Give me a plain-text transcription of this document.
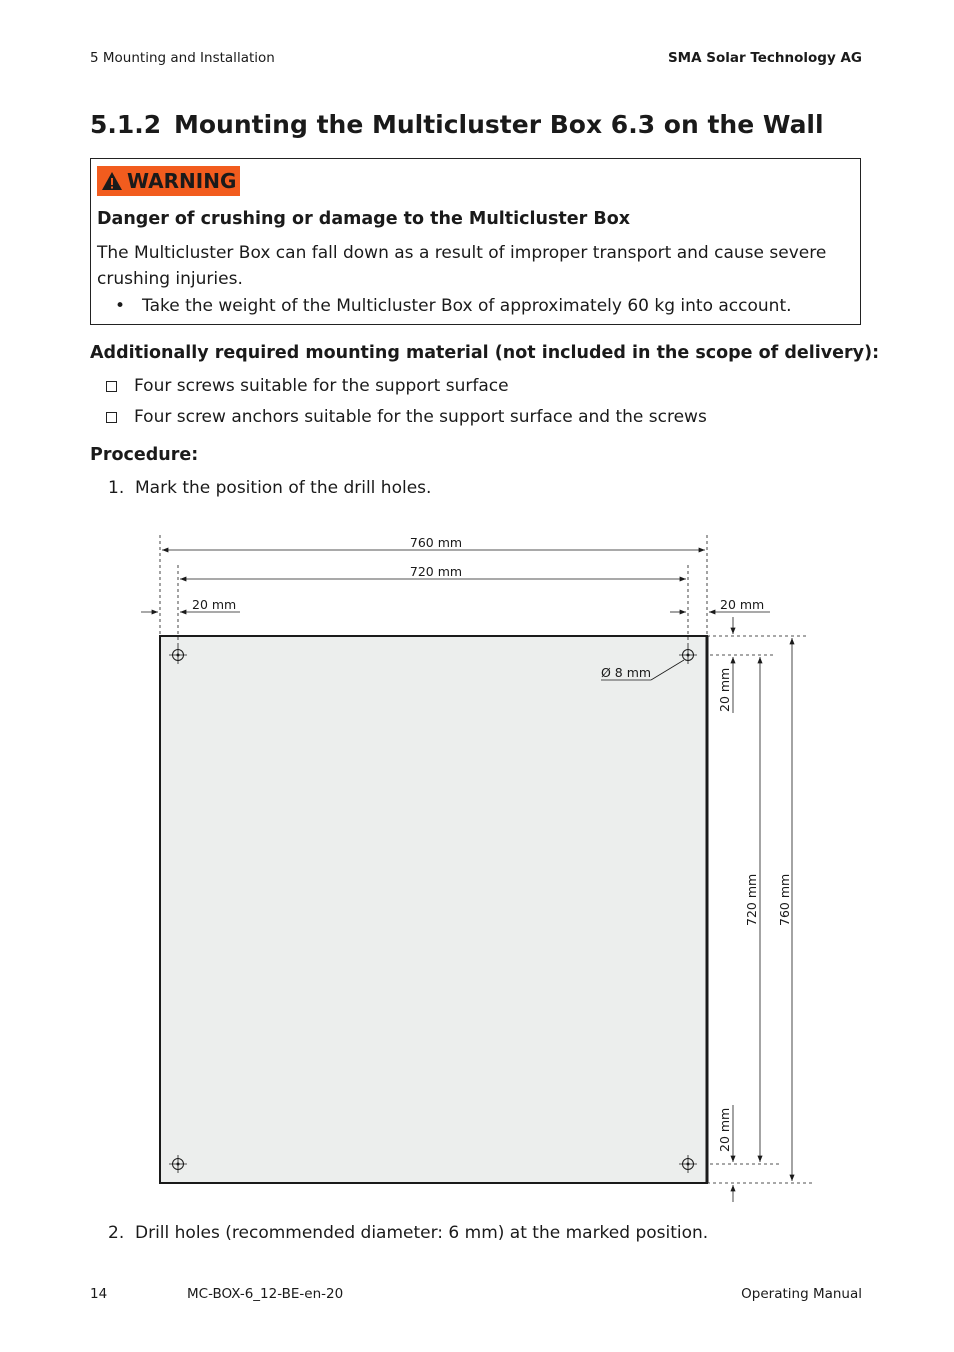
5 Mounting and Installation	SMA Solar Technology AG
5.1.2 Mounting the Multicluster Box 6.3 on the Wall
WARNING
Danger of crushing or damage to the Multicluster Box
The Multicluster Box can fall down as a result of improper transport and cause severe crushing injuries.
• Take the weight of the Multicluster Box of approximately 60 kg into account.
Additionally required mounting material (not included in the scope of delivery):
Four screws suitable for the support surface
Four screw anchors suitable for the support surface and the screws
Procedure:
1. Mark the position of the drill holes.
760 mm
720 mm
20 mm	20 mm
20 mm
720 mm 760 mm
20 mm
Ø 8 mm
2. Drill holes (recommended diameter: 6 mm) at the marked position.
14	MC-BOX-6_12-BE-en-20	Operating Manual
